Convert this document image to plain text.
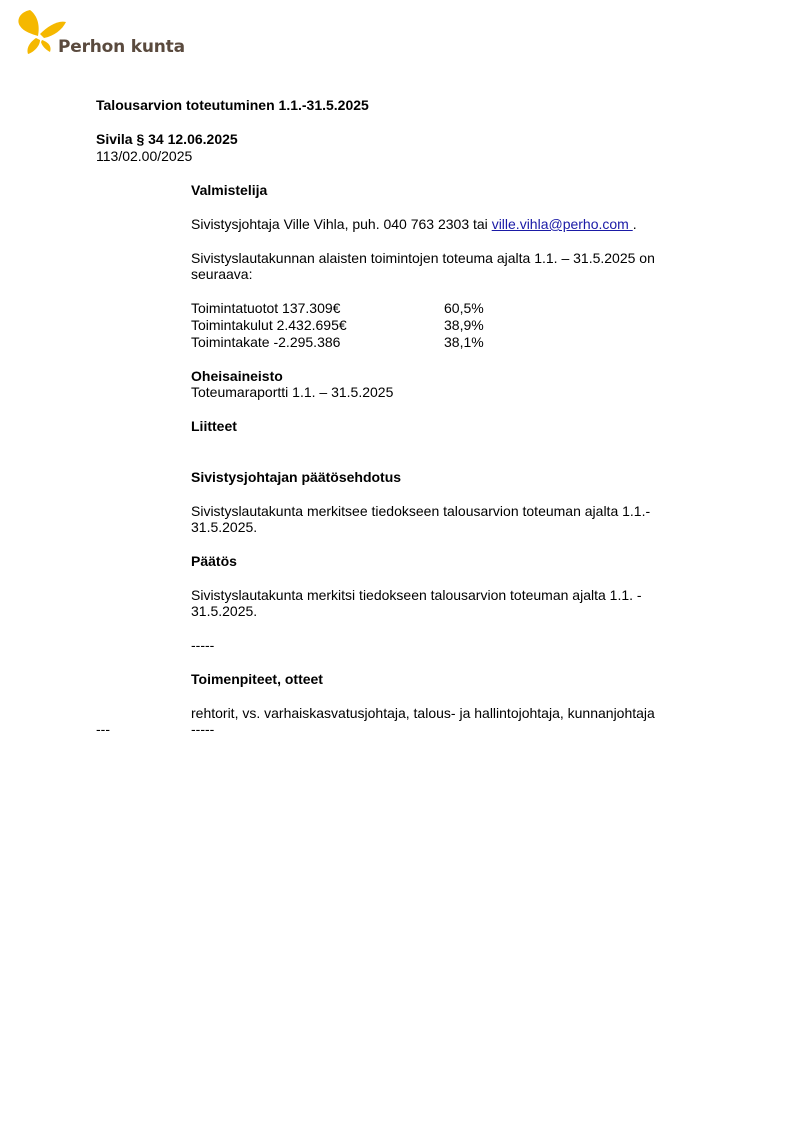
Perhon kunta

Talousarvion toteutuminen 1.1.-31.5.2025

Sivila § 34 12.06.2025

113/02.00/2025

Valmistelija

Sivistysjohtaja Ville Vihla, puh. 040 763 2303 tai ville.vihla@perho.com .

Sivistyslautakunnan alaisten toimintojen toteuma ajalta 1.1. – 31.5.2025 on

seuraava:

Toimintatuotot 137.309€	60,5%

Toimintakulut 2.432.695€	38,9%

Toimintakate -2.295.386	38,1%

Oheisaineisto

Toteumaraportti 1.1. – 31.5.2025

Liitteet

Sivistysjohtajan päätösehdotus

Sivistyslautakunta merkitsee tiedokseen talousarvion toteuman ajalta 1.1.-

31.5.2025.

Päätös

Sivistyslautakunta merkitsi tiedokseen talousarvion toteuman ajalta 1.1. -

31.5.2025.

-----

Toimenpiteet, otteet

rehtorit, vs. varhaiskasvatusjohtaja, talous- ja hallintojohtaja, kunnanjohtaja

---	-----
